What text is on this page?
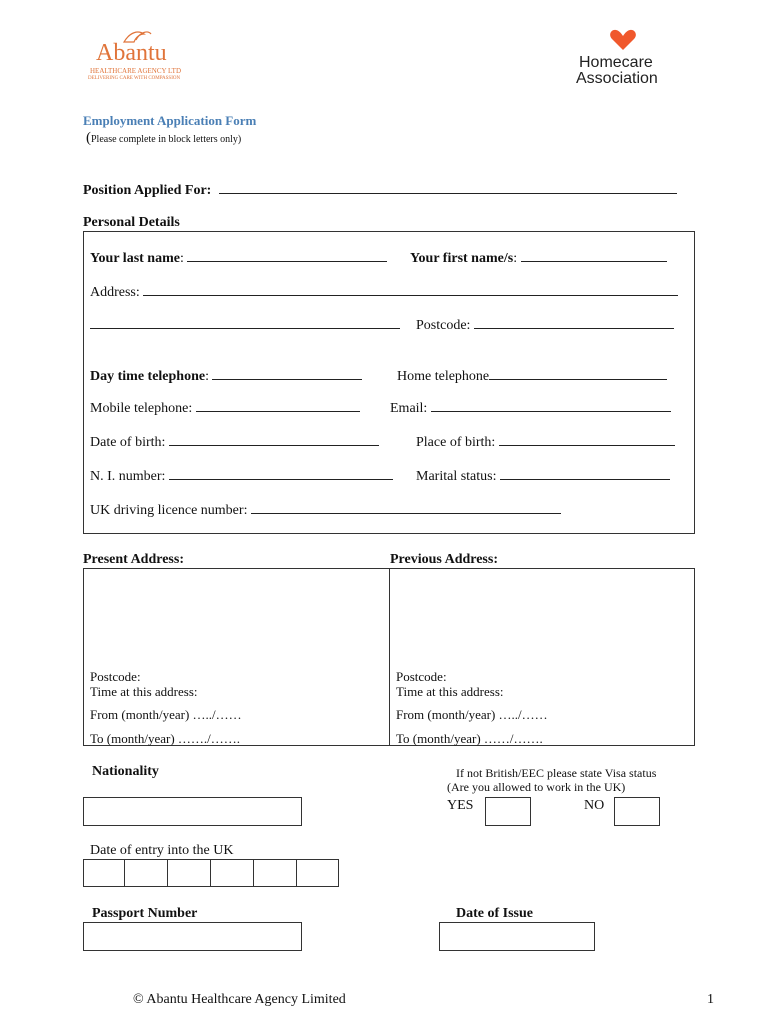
Abantu
HEALTHCARE AGENCY LTD
DELIVERING CARE WITH COMPASSION
Homecare
Association
Employment Application Form
(Please complete in block letters only)
Position Applied For:
Personal Details
Your last name:	Your first name/s:
Address:
Postcode:
Day time telephone:	Home telephone
Mobile telephone:	Email:
Date of birth:	Place of birth:
N. I. number:	Marital status:
UK driving licence number:
Present Address:	Previous Address:
Postcode:
Time at this address:
From (month/year) …../……
To (month/year) ……./…….
Postcode:
Time at this address:
From (month/year) …../……
To (month/year) ……/…….
Nationality	If not British/EEC please state Visa status
(Are you allowed to work in the UK)
YES	NO
Date of entry into the UK
Passport Number	Date of Issue
© Abantu Healthcare Agency Limited	1
